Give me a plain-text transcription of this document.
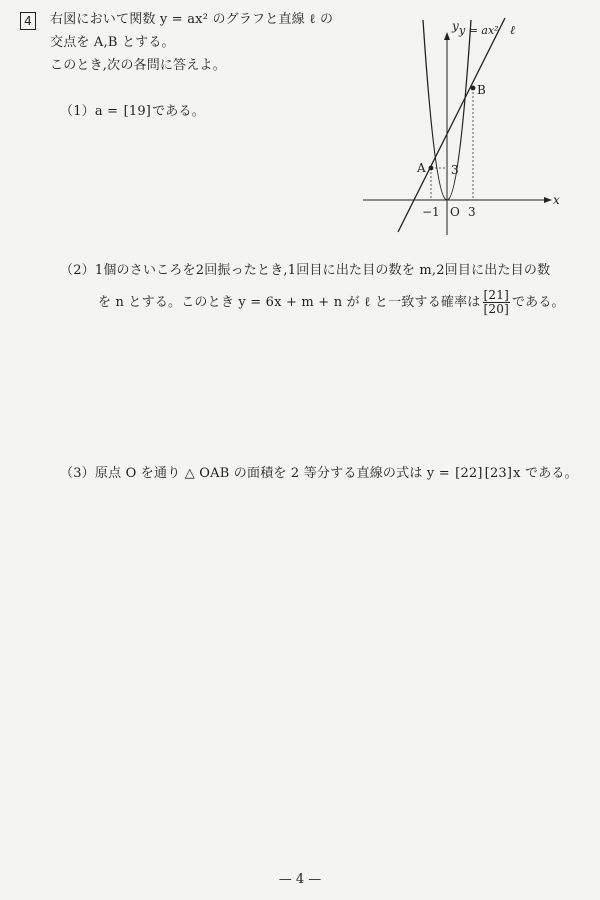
4	右図において関数 y = ax² のグラフと直線 ℓ の
交点を A,B とする。
このとき,次の各問に答えよ。
（1）a = [19]である。
x
y y = ax² ℓ
A
B
O
−1 3
3
（2）1個のさいころを2回振ったとき,1回目に出た目の数を m,2回目に出た目の数
を n とする。このとき y = 6x + m + n が ℓ と一致する確率は $\frac{[21]}{[20]}$ である。
（3）原点 O を通り △ OAB の面積を 2 等分する直線の式は y = [22] [23]x である。
— 4 —
